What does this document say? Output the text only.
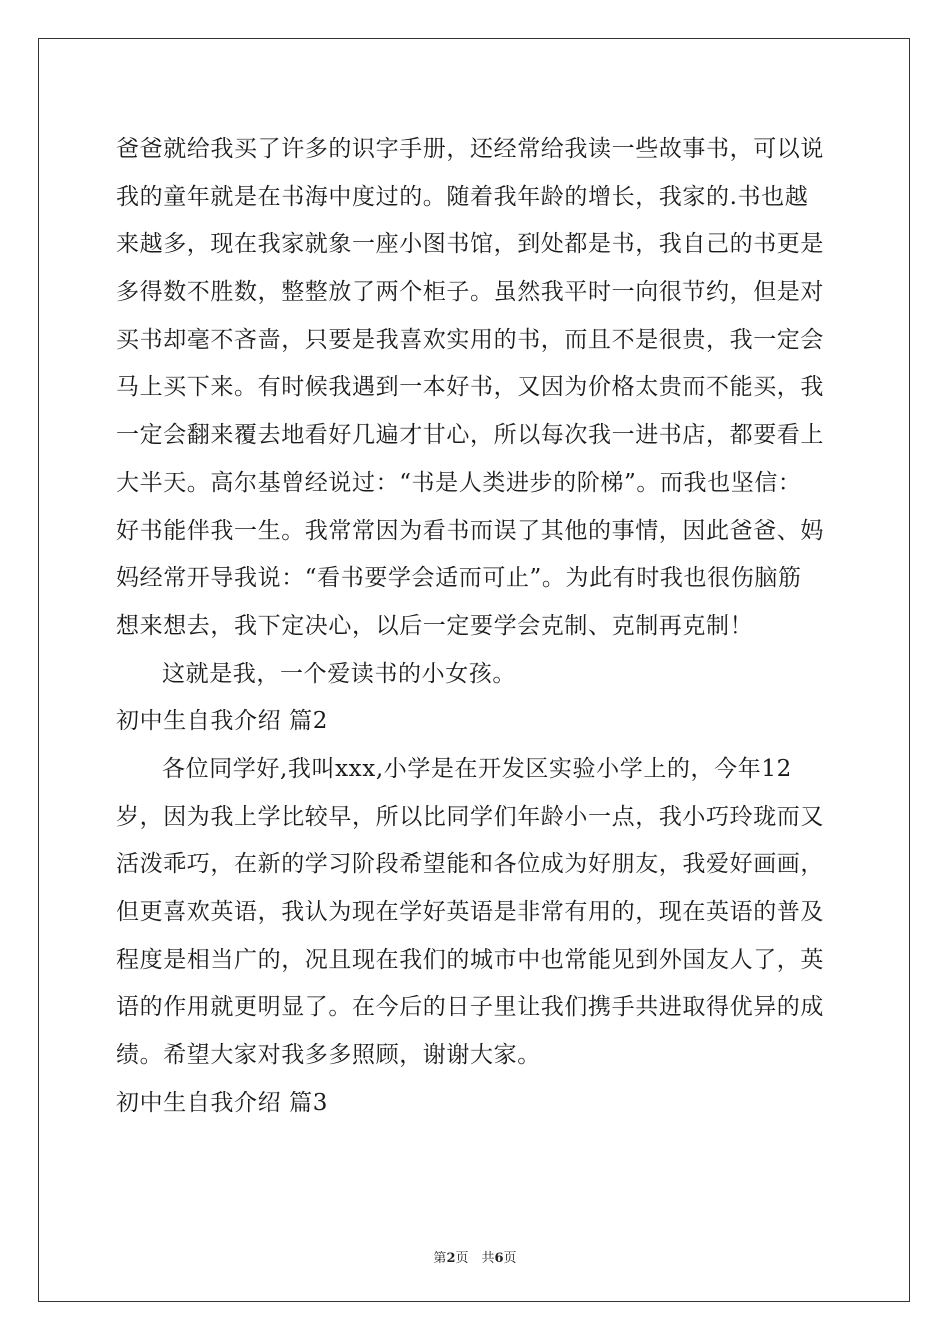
爸爸就给我买了许多的识字手册，还经常给我读一些故事书，可以说
我的童年就是在书海中度过的。随着我年龄的增长，我家的.书也越
来越多，现在我家就象一座小图书馆，到处都是书，我自己的书更是
多得数不胜数，整整放了两个柜子。虽然我平时一向很节约，但是对
买书却毫不吝啬，只要是我喜欢实用的书，而且不是很贵，我一定会
马上买下来。有时候我遇到一本好书，又因为价格太贵而不能买，我
一定会翻来覆去地看好几遍才甘心，所以每次我一进书店，都要看上
大半天。高尔基曾经说过：“书是人类进步的阶梯”。而我也坚信：
好书能伴我一生。我常常因为看书而误了其他的事情，因此爸爸、妈
妈经常开导我说：“看书要学会适而可止”。为此有时我也很伤脑筋
想来想去，我下定决心，以后一定要学会克制、克制再克制！
这就是我，一个爱读书的小女孩。
初中生自我介绍 篇2
各位同学好,我叫xxx,小学是在开发区实验小学上的，今年12
岁，因为我上学比较早，所以比同学们年龄小一点，我小巧玲珑而又
活泼乖巧，在新的学习阶段希望能和各位成为好朋友，我爱好画画，
但更喜欢英语，我认为现在学好英语是非常有用的，现在英语的普及
程度是相当广的，况且现在我们的城市中也常能见到外国友人了，英
语的作用就更明显了。在今后的日子里让我们携手共进取得优异的成
绩。希望大家对我多多照顾，谢谢大家。
初中生自我介绍 篇3
第2页　共6页
